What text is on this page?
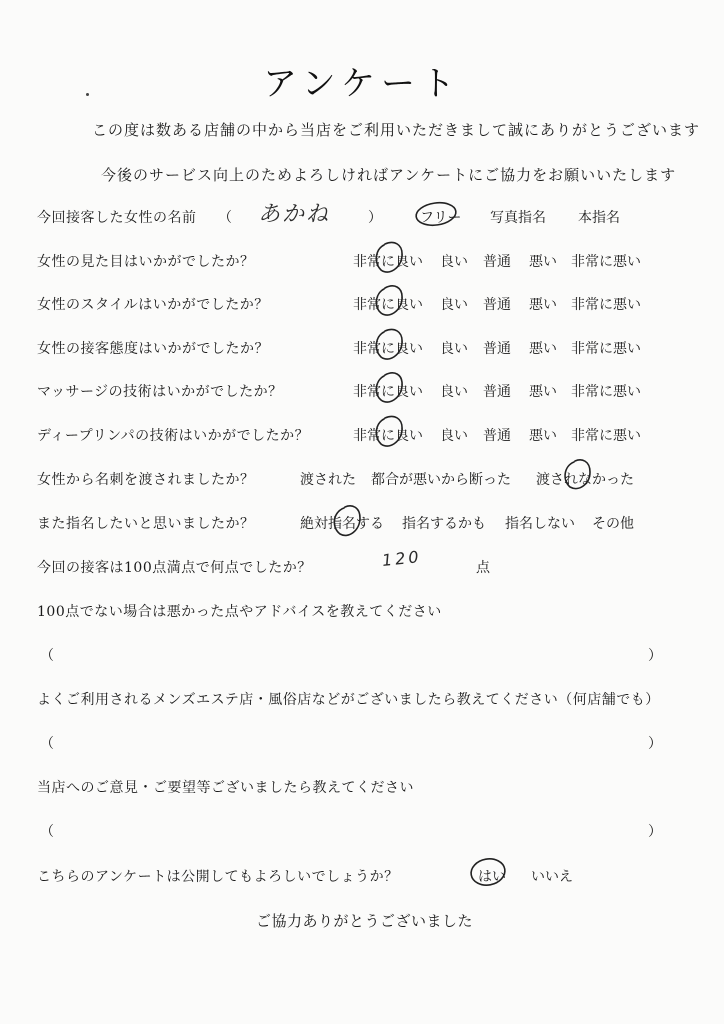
アンケート
この度は数ある店舗の中から当店をご利用いただきまして誠にありがとうございます
今後のサービス向上のためよろしければアンケートにご協力をお願いいたします
今回接客した女性の名前 （ あかね	）	フリー 写真指名 本指名
女性の見た目はいかがでしたか？	非常に良い 良い 普通 悪い 非常に悪い
女性のスタイルはいかがでしたか？	非常に良い 良い 普通 悪い 非常に悪い
女性の接客態度はいかがでしたか？	非常に良い 良い 普通 悪い 非常に悪い
マッサージの技術はいかがでしたか？	非常に良い 良い 普通 悪い 非常に悪い
ディープリンパの技術はいかがでしたか？	非常に良い 良い 普通 悪い 非常に悪い
女性から名刺を渡されましたか？	渡された 都合が悪いから断った 渡されなかった
また指名したいと思いましたか？	絶対指名する 指名するかも 指名しない その他
今回の接客は100点満点で何点でしたか？	120	点
100点でない場合は悪かった点やアドバイスを教えてください
（	）
よくご利用されるメンズエステ店・風俗店などがございましたら教えてください（何店舗でも）
（	）
当店へのご意見・ご要望等ございましたら教えてください
（	）
こちらのアンケートは公開してもよろしいでしょうか？	はい いいえ
ご協力ありがとうございました
